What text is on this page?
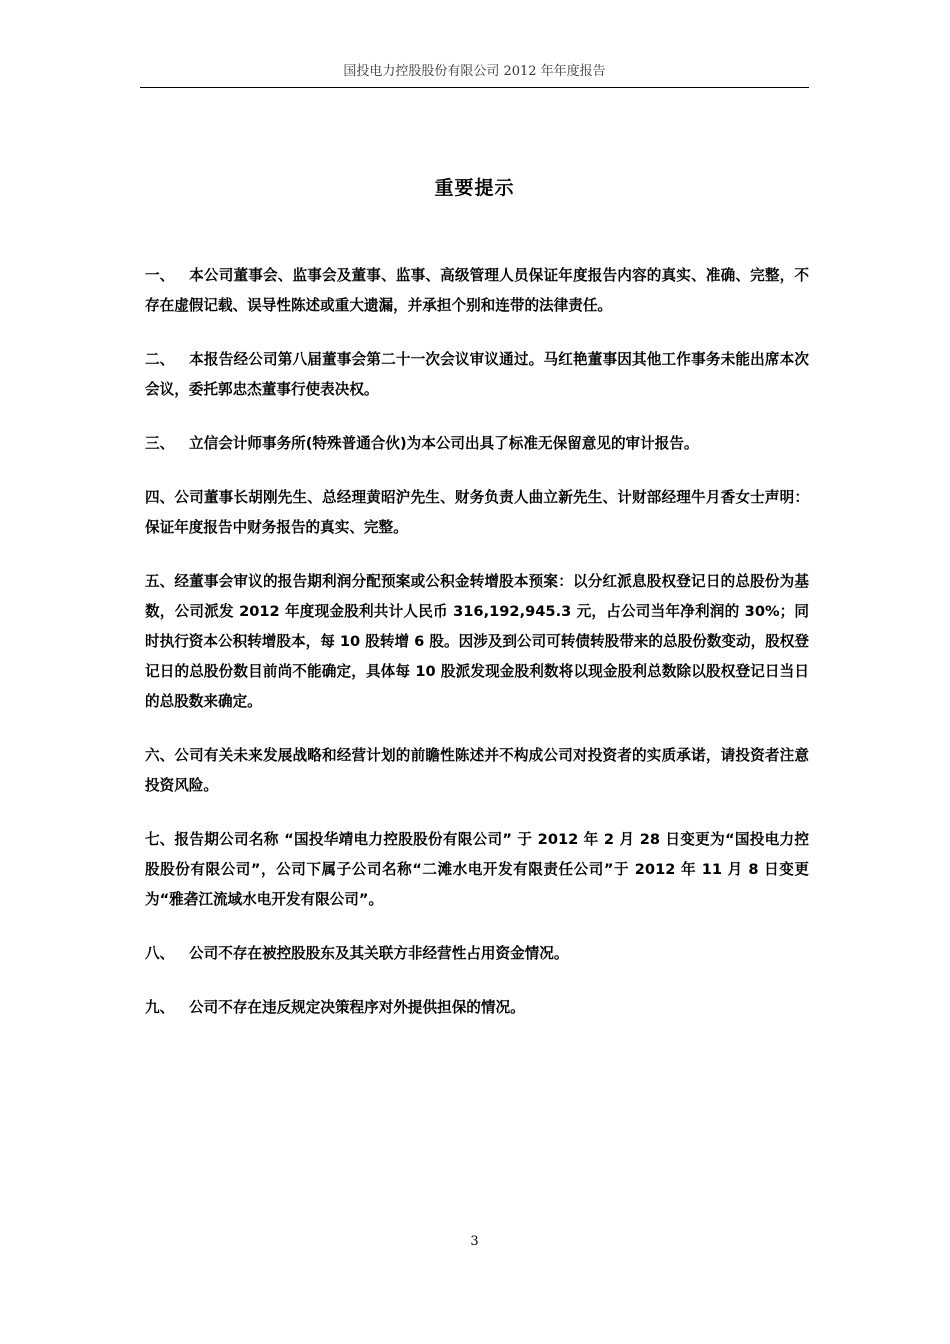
国投电力控股股份有限公司 2012 年年度报告
重要提示

一、 本公司董事会、监事会及董事、监事、高级管理人员保证年度报告内容的真实、准确、完整，不存在虚假记载、误导性陈述或重大遗漏，并承担个别和连带的法律责任。

二、 本报告经公司第八届董事会第二十一次会议审议通过。马红艳董事因其他工作事务未能出席本次会议，委托郭忠杰董事行使表决权。

三、 立信会计师事务所(特殊普通合伙)为本公司出具了标准无保留意见的审计报告。

四、公司董事长胡刚先生、总经理黄昭沪先生、财务负责人曲立新先生、计财部经理牛月香女士声明：保证年度报告中财务报告的真实、完整。

五、经董事会审议的报告期利润分配预案或公积金转增股本预案：以分红派息股权登记日的总股份为基数，公司派发 2012 年度现金股利共计人民币 316,192,945.3 元，占公司当年净利润的 30%；同时执行资本公积转增股本，每 10 股转增 6 股。因涉及到公司可转债转股带来的总股份数变动，股权登记日的总股份数目前尚不能确定，具体每 10 股派发现金股利数将以现金股利总数除以股权登记日当日的总股数来确定。

六、公司有关未来发展战略和经营计划的前瞻性陈述并不构成公司对投资者的实质承诺，请投资者注意投资风险。

七、报告期公司名称 “国投华靖电力控股股份有限公司” 于 2012 年 2 月 28 日变更为“国投电力控股股份有限公司”，公司下属子公司名称“二滩水电开发有限责任公司”于 2012 年 11 月 8 日变更为“雅砻江流域水电开发有限公司”。

八、 公司不存在被控股股东及其关联方非经营性占用资金情况。

九、 公司不存在违反规定决策程序对外提供担保的情况。

3
